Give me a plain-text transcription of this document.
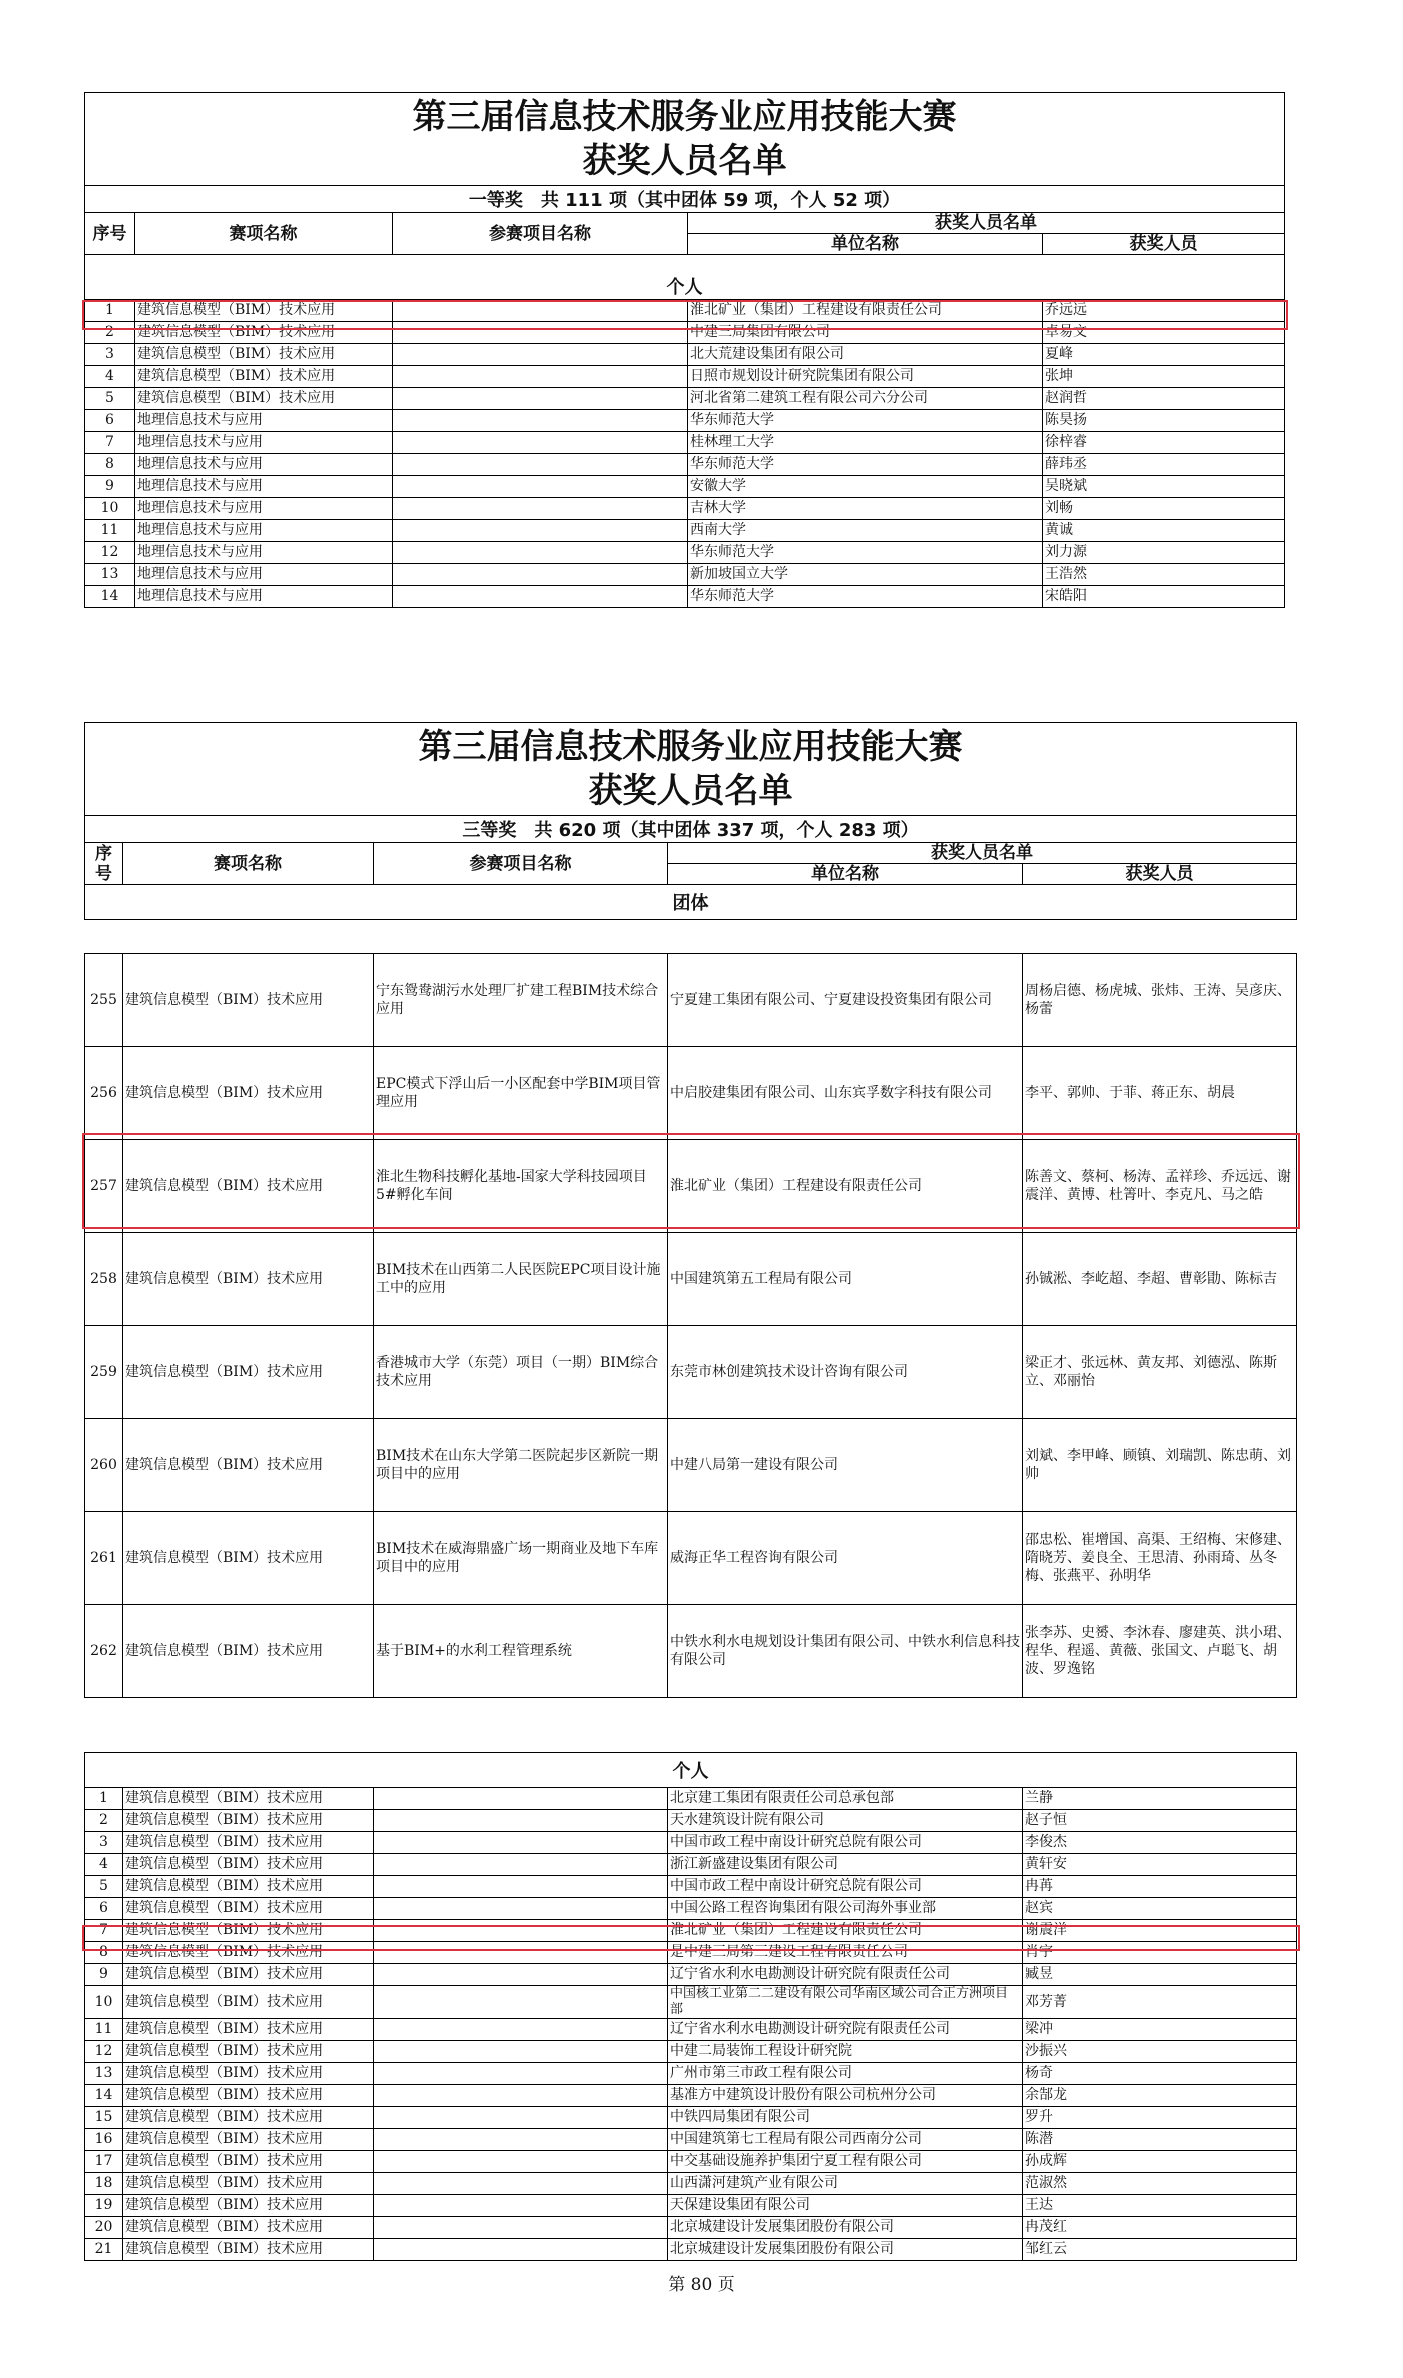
第三届信息技术服务业应用技能大赛
获奖人员名单				

一等奖　共 111 项（其中团体 59 项，个人 52 项）				
序号	赛项名称	参赛项目名称	获奖人员名单	
			单位名称	获奖人员

个人				
1	建筑信息模型（BIM）技术应用		淮北矿业（集团）工程建设有限责任公司	乔远远
2	建筑信息模型（BIM）技术应用		中建三局集团有限公司	卓易文
3	建筑信息模型（BIM）技术应用		北大荒建设集团有限公司	夏峰
4	建筑信息模型（BIM）技术应用		日照市规划设计研究院集团有限公司	张坤
5	建筑信息模型（BIM）技术应用		河北省第二建筑工程有限公司六分公司	赵润哲
6	地理信息技术与应用		华东师范大学	陈昊扬
7	地理信息技术与应用		桂林理工大学	徐梓睿
8	地理信息技术与应用		华东师范大学	薛玮丞
9	地理信息技术与应用		安徽大学	吴晓斌
10	地理信息技术与应用		吉林大学	刘畅
11	地理信息技术与应用		西南大学	黄诚
12	地理信息技术与应用		华东师范大学	刘力源
13	地理信息技术与应用		新加坡国立大学	王浩然
14	地理信息技术与应用		华东师范大学	宋皓阳
第三届信息技术服务业应用技能大赛
获奖人员名单				

三等奖　共 620 项（其中团体 337 项，个人 283 项）				
序号	赛项名称	参赛项目名称	获奖人员名单	
			单位名称	获奖人员
团体				
255	建筑信息模型（BIM）技术应用	宁东鸳鸯湖污水处理厂扩建工程BIM技术综合应用	宁夏建工集团有限公司、宁夏建设投资集团有限公司	周杨启德、杨虎城、张炜、王涛、吴彦庆、杨蕾
256	建筑信息模型（BIM）技术应用	EPC模式下浮山后一小区配套中学BIM项目管理应用	中启胶建集团有限公司、山东宾孚数字科技有限公司	李平、郭帅、于菲、蒋正东、胡晨
257	建筑信息模型（BIM）技术应用	淮北生物科技孵化基地-国家大学科技园项目5#孵化车间	淮北矿业（集团）工程建设有限责任公司	陈善文、蔡柯、杨涛、孟祥珍、乔远远、谢震洋、黄博、杜箐叶、李克凡、马之皓
258	建筑信息模型（BIM）技术应用	BIM技术在山西第二人民医院EPC项目设计施工中的应用	中国建筑第五工程局有限公司	孙铖淞、李屹超、李超、曹彰勖、陈标吉
259	建筑信息模型（BIM）技术应用	香港城市大学（东莞）项目（一期）BIM综合技术应用	东莞市林创建筑技术设计咨询有限公司	梁正才、张远林、黄友邦、刘德泓、陈斯立、邓丽怡
260	建筑信息模型（BIM）技术应用	BIM技术在山东大学第二医院起步区新院一期项目中的应用	中建八局第一建设有限公司	刘斌、李甲峰、顾镇、刘瑞凯、陈忠萌、刘帅
261	建筑信息模型（BIM）技术应用	BIM技术在威海鼎盛广场一期商业及地下车库项目中的应用	威海正华工程咨询有限公司	邵忠松、崔增国、高渠、王绍梅、宋修建、隋晓芳、姜良全、王思清、孙雨琦、丛冬梅、张燕平、孙明华
262	建筑信息模型（BIM）技术应用	基于BIM+的水利工程管理系统	中铁水利水电规划设计集团有限公司、中铁水利信息科技有限公司	张李苏、史赟、李沐春、廖建英、洪小珺、程华、程遥、黄薇、张国文、卢聪飞、胡波、罗逸铭
个人				
1	建筑信息模型（BIM）技术应用		北京建工集团有限责任公司总承包部	兰静
2	建筑信息模型（BIM）技术应用		天水建筑设计院有限公司	赵子恒
3	建筑信息模型（BIM）技术应用		中国市政工程中南设计研究总院有限公司	李俊杰
4	建筑信息模型（BIM）技术应用		浙江新盛建设集团有限公司	黄轩安
5	建筑信息模型（BIM）技术应用		中国市政工程中南设计研究总院有限公司	冉苒
6	建筑信息模型（BIM）技术应用		中国公路工程咨询集团有限公司海外事业部	赵宾
7	建筑信息模型（BIM）技术应用		淮北矿业（集团）工程建设有限责任公司	谢震洋
8	建筑信息模型（BIM）技术应用		是中建三局第三建设工程有限责任公司	肖宇
9	建筑信息模型（BIM）技术应用		辽宁省水利水电勘测设计研究院有限责任公司	臧昱
10	建筑信息模型（BIM）技术应用		中国核工业第二二建设有限公司华南区域公司合正方洲项目部	邓芳菁
11	建筑信息模型（BIM）技术应用		辽宁省水利水电勘测设计研究院有限责任公司	梁冲
12	建筑信息模型（BIM）技术应用		中建二局装饰工程设计研究院	沙振兴
13	建筑信息模型（BIM）技术应用		广州市第三市政工程有限公司	杨奇
14	建筑信息模型（BIM）技术应用		基准方中建筑设计股份有限公司杭州分公司	余郜龙
15	建筑信息模型（BIM）技术应用		中铁四局集团有限公司	罗升
16	建筑信息模型（BIM）技术应用		中国建筑第七工程局有限公司西南分公司	陈潜
17	建筑信息模型（BIM）技术应用		中交基础设施养护集团宁夏工程有限公司	孙成辉
18	建筑信息模型（BIM）技术应用		山西潇河建筑产业有限公司	范淑然
19	建筑信息模型（BIM）技术应用		天保建设集团有限公司	王达
20	建筑信息模型（BIM）技术应用		北京城建设计发展集团股份有限公司	冉茂红
21	建筑信息模型（BIM）技术应用		北京城建设计发展集团股份有限公司	邹红云
第 80 页
